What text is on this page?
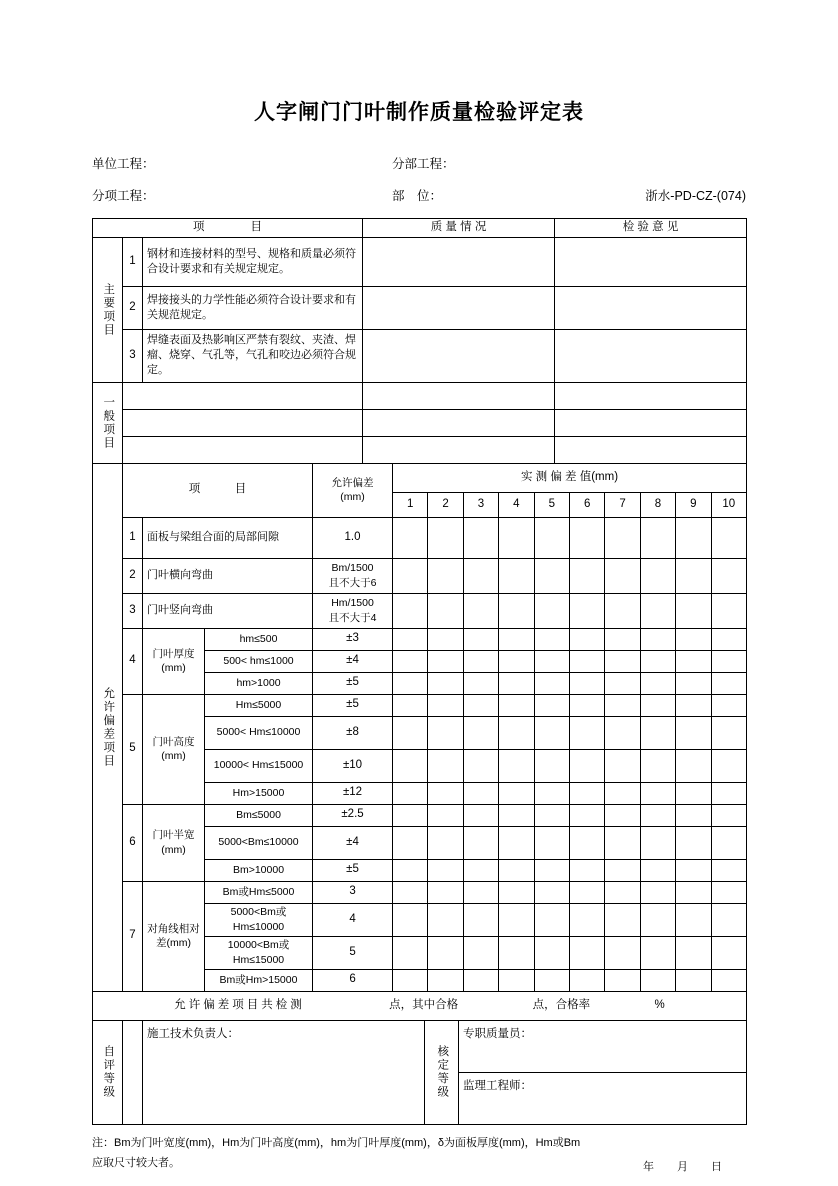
人字闸门门叶制作质量检验评定表
单位工程：	分部工程：
分项工程：	部　位：	浙水-PD-CZ-(074)
项　　　　目			质 量 情 况	检 验 意 见

主要项目	1	钢材和连接材料的型号、规格和质量必须符合设计要求和有关规定规定。		
	2	焊接接头的力学性能必须符合设计要求和有关规范规定。		
	3	焊缝表面及热影响区严禁有裂纹、夹渣、焊瘤、烧穿、气孔等，气孔和咬边必须符合规定。		

一般项目				

允许偏差项目	项　　　目			允许偏差
(mm)	实 测 偏 差 值(mm)									
					1	2	3	4	5	6	7	8	9	10
	1	面板与梁组合面的局部间隙		1.0										
	2	门叶横向弯曲		Bm/1500
且不大于6										

	3	门叶竖向弯曲		Hm/1500
且不大于4										

	4	门叶厚度(mm)	hm≤500	±3										
			500< hm≤1000	±4										
			hm>1000	±5										
	5	门叶高度(mm)	Hm≤5000	±5										
			5000< Hm≤10000	±8										
			10000< Hm≤15000	±10										
			Hm>15000	±12										
	6	门叶半宽(mm)	Bm≤5000	±2.5										
			5000<Bm≤10000	±4										
			Bm>10000	±5										
	7	对角线相对差(mm)	Bm或Hm≤5000	3										
			5000<Bm或Hm≤10000	4										
			10000<Bm或Hm≤15000	5										
			Bm或Hm>15000	6										
允许偏差项目共检测	点，其中合格	点，合格率	%
自评等级
		施工技术负责人：	
核定等级
	专职质量员：
监理工程师：
注：Bm为门叶宽度(mm)，Hm为门叶高度(mm)，hm为门叶厚度(mm)，δ为面板厚度(mm)，Hm或Bm
应取尺寸较大者。	年　月　日
